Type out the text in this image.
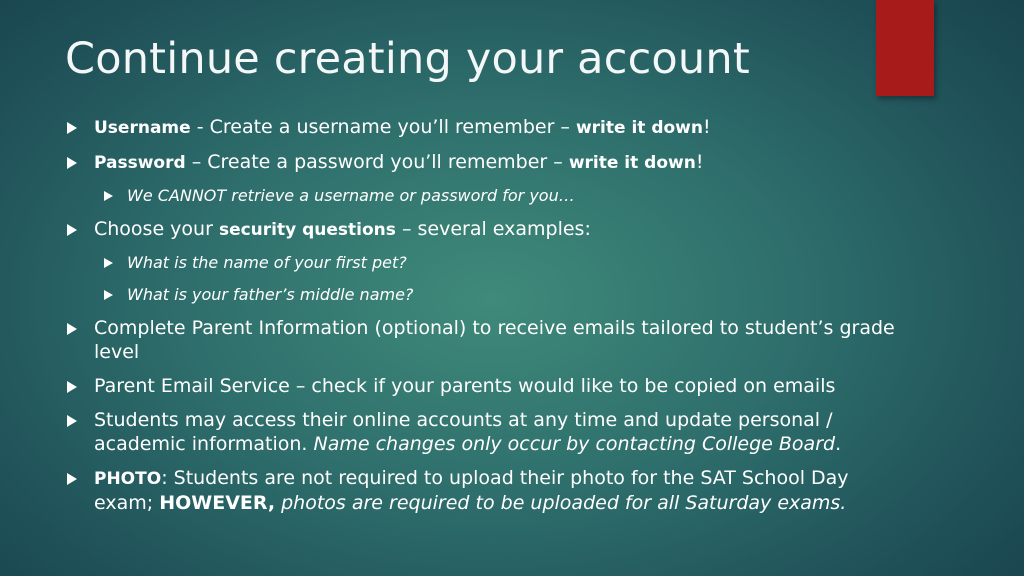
Continue creating your account
Username - Create a username you’ll remember – write it down!
Password – Create a password you’ll remember – write it down!
We CANNOT retrieve a username or password for you…
Choose your security questions – several examples:
What is the name of your first pet?
What is your father’s middle name?
Complete Parent Information (optional) to receive emails tailored to student’s grade level
Parent Email Service – check if your parents would like to be copied on emails
Students may access their online accounts at any time and update personal / academic information. Name changes only occur by contacting College Board.
PHOTO: Students are not required to upload their photo for the SAT School Day exam; HOWEVER, photos are required to be uploaded for all Saturday exams.
